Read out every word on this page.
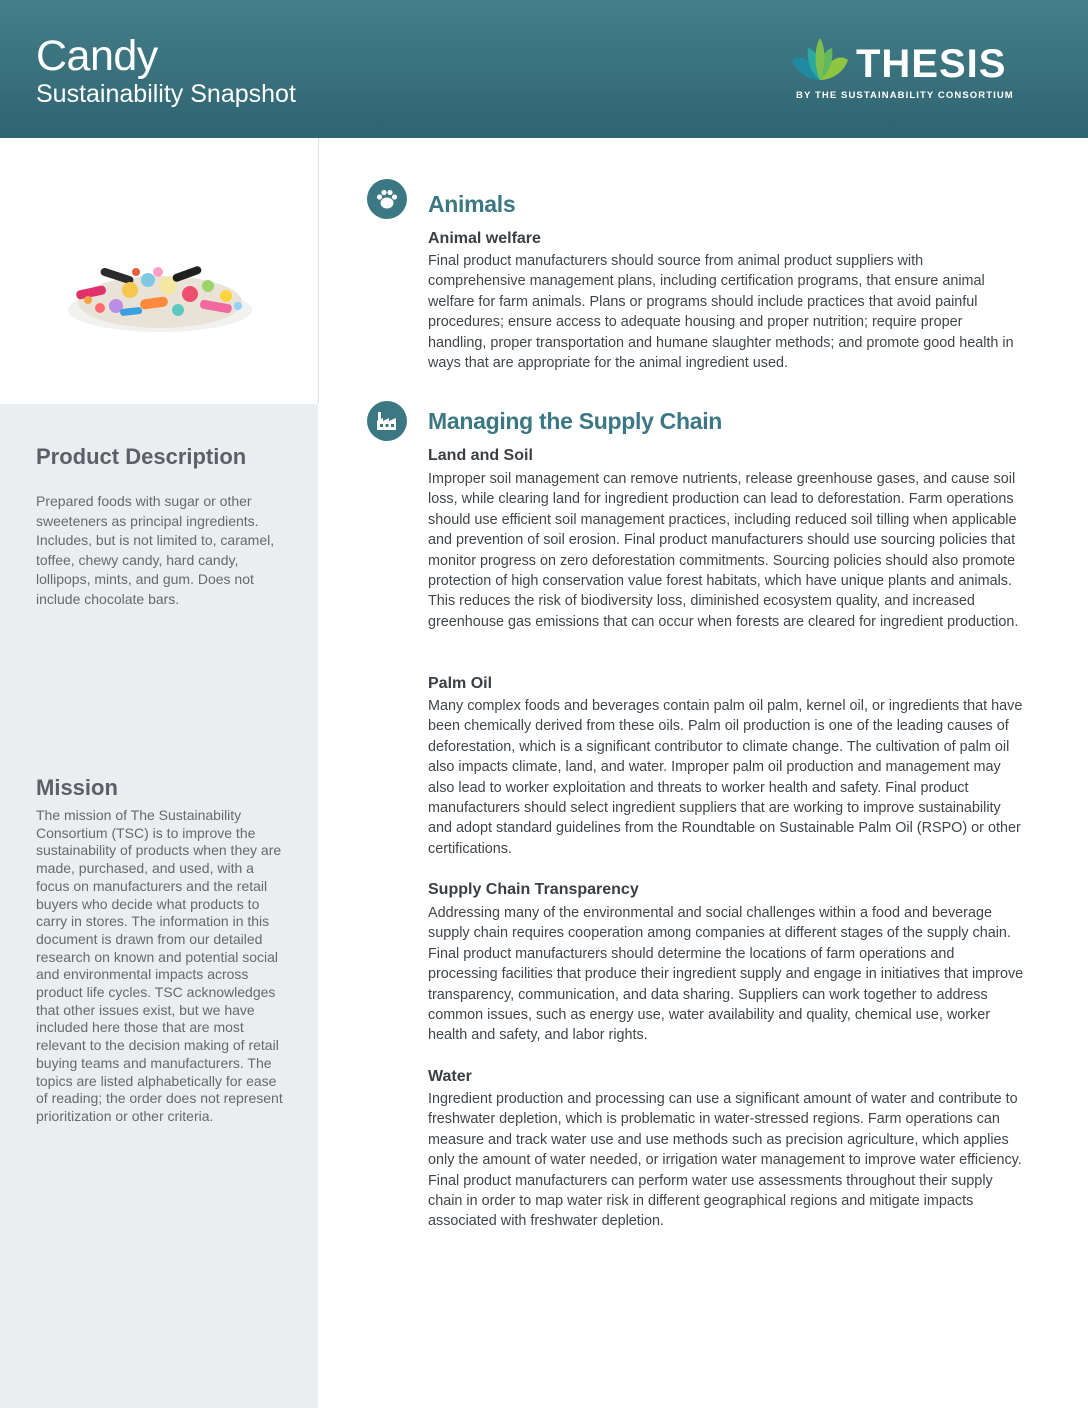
Candy
Sustainability Snapshot
THESIS
BY THE SUSTAINABILITY CONSORTIUM
Product Description

Prepared foods with sugar or other sweeteners as principal ingredients. Includes, but is not limited to, caramel, toffee, chewy candy, hard candy, lollipops, mints, and gum. Does not include chocolate bars.

Mission

The mission of The Sustainability Consortium (TSC) is to improve the sustainability of products when they are made, purchased, and used, with a focus on manufacturers and the retail buyers who decide what products to carry in stores. The information in this document is drawn from our detailed research on known and potential social and environmental impacts across product life cycles. TSC acknowledges that other issues exist, but we have included here those that are most relevant to the decision making of retail buying teams and manufacturers. The topics are listed alphabetically for ease of reading; the order does not represent prioritization or other criteria.

Animals
Animal welfare

Final product manufacturers should source from animal product suppliers with comprehensive management plans, including certification programs, that ensure animal welfare for farm animals. Plans or programs should include practices that avoid painful procedures; ensure access to adequate housing and proper nutrition; require proper handling, proper transportation and humane slaughter methods; and promote good health in ways that are appropriate for the animal ingredient used.

Managing the Supply Chain
Land and Soil

Improper soil management can remove nutrients, release greenhouse gases, and cause soil loss, while clearing land for ingredient production can lead to deforestation. Farm operations should use efficient soil management practices, including reduced soil tilling when applicable and prevention of soil erosion. Final product manufacturers should use sourcing policies that monitor progress on zero deforestation commitments. Sourcing policies should also promote protection of high conservation value forest habitats, which have unique plants and animals. This reduces the risk of biodiversity loss, diminished ecosystem quality, and increased greenhouse gas emissions that can occur when forests are cleared for ingredient production.

Palm Oil

Many complex foods and beverages contain palm oil palm, kernel oil, or ingredients that have been chemically derived from these oils. Palm oil production is one of the leading causes of deforestation, which is a significant contributor to climate change. The cultivation of palm oil also impacts climate, land, and water. Improper palm oil production and management may also lead to worker exploitation and threats to worker health and safety. Final product manufacturers should select ingredient suppliers that are working to improve sustainability and adopt standard guidelines from the Roundtable on Sustainable Palm Oil (RSPO) or other certifications.

Supply Chain Transparency

Addressing many of the environmental and social challenges within a food and beverage supply chain requires cooperation among companies at different stages of the supply chain. Final product manufacturers should determine the locations of farm operations and processing facilities that produce their ingredient supply and engage in initiatives that improve transparency, communication, and data sharing. Suppliers can work together to address common issues, such as energy use, water availability and quality, chemical use, worker health and safety, and labor rights.

Water

Ingredient production and processing can use a significant amount of water and contribute to freshwater depletion, which is problematic in water-stressed regions. Farm operations can measure and track water use and use methods such as precision agriculture, which applies only the amount of water needed, or irrigation water management to improve water efficiency. Final product manufacturers can perform water use assessments throughout their supply chain in order to map water risk in different geographical regions and mitigate impacts associated with freshwater depletion.
